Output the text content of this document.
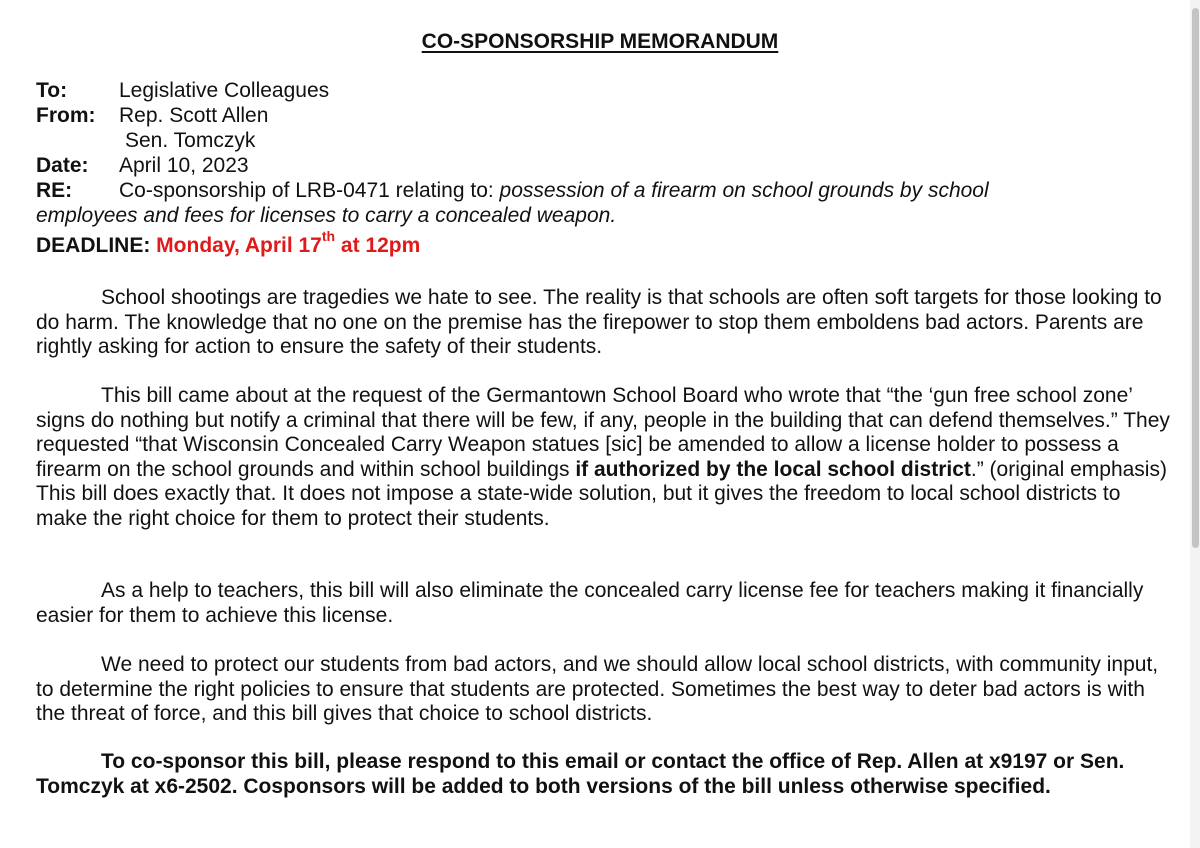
CO-SPONSORSHIP MEMORANDUM
To: Legislative Colleagues
From: Rep. Scott Allen
Sen. Tomczyk
Date: April 10, 2023
RE: Co-sponsorship of LRB-0471 relating to: possession of a firearm on school grounds by school
employees and fees for licenses to carry a concealed weapon.
DEADLINE: Monday, April 17th at 12pm
School shootings are tragedies we hate to see. The reality is that schools are often soft targets for those looking to do harm. The knowledge that no one on the premise has the firepower to stop them emboldens bad actors. Parents are rightly asking for action to ensure the safety of their students.
This bill came about at the request of the Germantown School Board who wrote that “the ‘gun free school zone’ signs do nothing but notify a criminal that there will be few, if any, people in the building that can defend themselves.” They requested “that Wisconsin Concealed Carry Weapon statues [sic] be amended to allow a license holder to possess a firearm on the school grounds and within school buildings if authorized by the local school district.” (original emphasis) This bill does exactly that. It does not impose a state-wide solution, but it gives the freedom to local school districts to make the right choice for them to protect their students.
As a help to teachers, this bill will also eliminate the concealed carry license fee for teachers making it financially easier for them to achieve this license.
We need to protect our students from bad actors, and we should allow local school districts, with community input, to determine the right policies to ensure that students are protected. Sometimes the best way to deter bad actors is with the threat of force, and this bill gives that choice to school districts.
To co-sponsor this bill, please respond to this email or contact the office of Rep. Allen at x9197 or Sen. Tomczyk at x6-2502. Cosponsors will be added to both versions of the bill unless otherwise specified.
